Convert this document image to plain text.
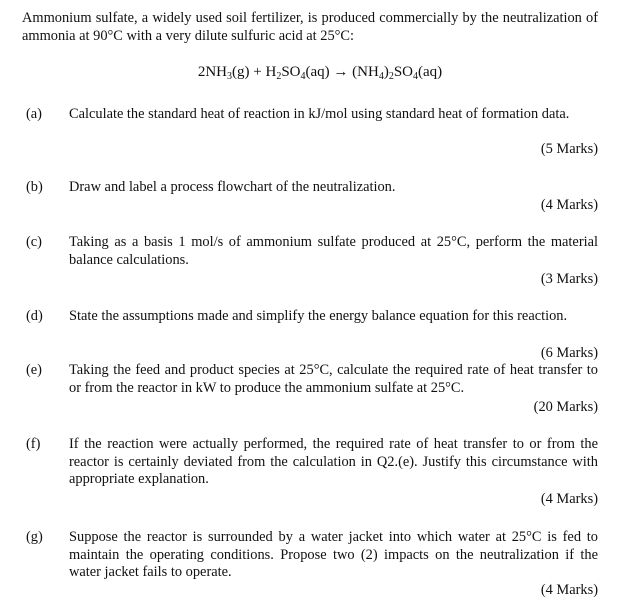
Ammonium sulfate, a widely used soil fertilizer, is produced commercially by the neutralization of ammonia at 90°C with a very dilute sulfuric acid at 25°C:
$2NH_3(g) + H_2SO_4(aq) \to (NH_4)_2SO_4(aq)$
(a) Calculate the standard heat of reaction in kJ/mol using standard heat of formation data.
(5 Marks)
(b) Draw and label a process flowchart of the neutralization.
(4 Marks)
(c) Taking as a basis 1 mol/s of ammonium sulfate produced at 25°C, perform the material balance calculations.
(3 Marks)
(d) State the assumptions made and simplify the energy balance equation for this reaction.
(6 Marks)
(e) Taking the feed and product species at 25°C, calculate the required rate of heat transfer to or from the reactor in kW to produce the ammonium sulfate at 25°C.
(20 Marks)
(f) If the reaction were actually performed, the required rate of heat transfer to or from the reactor is certainly deviated from the calculation in Q2.(e). Justify this circumstance with appropriate explanation.
(4 Marks)
(g) Suppose the reactor is surrounded by a water jacket into which water at 25°C is fed to maintain the operating conditions. Propose two (2) impacts on the neutralization if the water jacket fails to operate.
(4 Marks)
